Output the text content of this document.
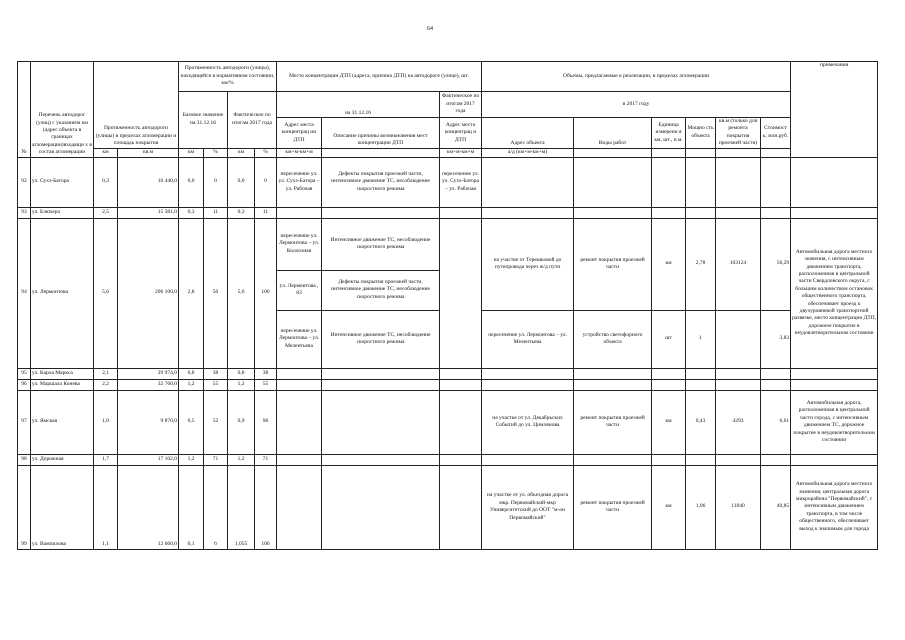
64
№	Перечень автодорог (улиц) с указанием км (адрес объекта в границах агломерации)входящи х в состав агломерации	Протяженность автодороги (улицы) в пределах агломерации и площадь покрытия		Протяженность автодороги (улицы), находящейся в нормативном состоянии, км/%				Место концентрации ДТП (адреса, причина ДТП) на автодороге (улице), шт.			Объемы, предлагаемые к реализации, в пределах агломерации						примечания
				Базовое значение на 31.12.16		Фактическое по итогам 2017 года		на 31.12.16		Фактическое по итогам 2017 года	в 2017 году						
								Адрес места концентрац ии ДТП	Описание причины возникновения мест концентрации ДТП	Адрес места концентрац и ДТП	Адрес объекта	Виды работ	Единица измерени я км, шт., п.м.	Мощно сть объекта	кв.м (только для ремонта покрытия проезжей части)	Стоимост ь, млн.руб.	
		км	кв.м	км	%	км	%	км+м-км+м		км+м-км+м	а/д (км+м-км+м)						
92	ул. Сухэ-Батора	0,3	16 440,0	0,0	0	0,0	0	пересечение ул. ул. Сухэ-Батора – ул. Рабочая	Дефекты покрытия проезжей части, интенсивное движение ТС, несоблюдение скоростного режима	пересечение ул. ул. Сухэ-Батора – ул. Рабочая							
93	ул. Блюхера	2,5	15 381,0	0,3	11	0,3	11										
94	ул. Лермонтова	5,6	206 100,0	2,8	50	5,6	100	пересечение ул. Лермонтова – ул. Колхозная	Интенсивное движение ТС, несоблюдение скоростного режима		на участке от Терешковой до путепровода через ж/д пути	ремонт покрытия проезжей части	км	2,78	103124	56,29	Автомобильная дорога местного значения, с интенсивным движением транспорта, расположенная в центральной части Свердловского округа, с большим количеством остановок общественного транспорта, обеспечивает проезд к двухуровневой транспортной развязке, место концентрации ДТП, дорожное покрытие в неудовлетворительном состоянии
								ул. Лермонтова , 83	Дефекты покрытия проезжей части, интенсивное движение ТС, несоблюдение скоростного режима								
								пересечение ул. Лермонтова – ул. Мелентьева	Интенсивное движение ТС, несоблюдение скоростного режима		пересечение ул. Лермонтова – ул. Мелентьева	устройство светофорного объекта	шт	1		3,83	
95	ул. Карла Маркса	2,1	29 974,0	0,8	38	0,8	38										
96	ул. Маршала Конева	2,2	32 760,0	1,2	55	1,2	55										
97	ул. Ямская	1,0	9 870,0	0,5	52	0,9	96				на участке от ул. Декабрьских Событий до ул. Цимлянова	ремонт покрытия проезжей части	км	0,43	4293	6,61	Автомобильная дорога, расположенная в центральной части города, с интенсивным движением ТС, дорожное покрытие в неудовлетворительном состоянии
98	ул. Дорожная	1,7	17 102,0	1,2	71	1,2	71										
99	ул. Вампилова	1,1	12 660,0	0,1	6	1,055	100				на участке от ул. объездная дорога мкр. Первомайский-мкр Университетский до ООТ "м-он Первомайский"	ремонт покрытия проезжей части	км	1,06	11840	40,85	Автомобильная дорога местного значения, центральная дорога микрорайона "Первомайский", с интенсивным движением транспорта, в том числе общественного, обеспечивает выход к значимым для города
